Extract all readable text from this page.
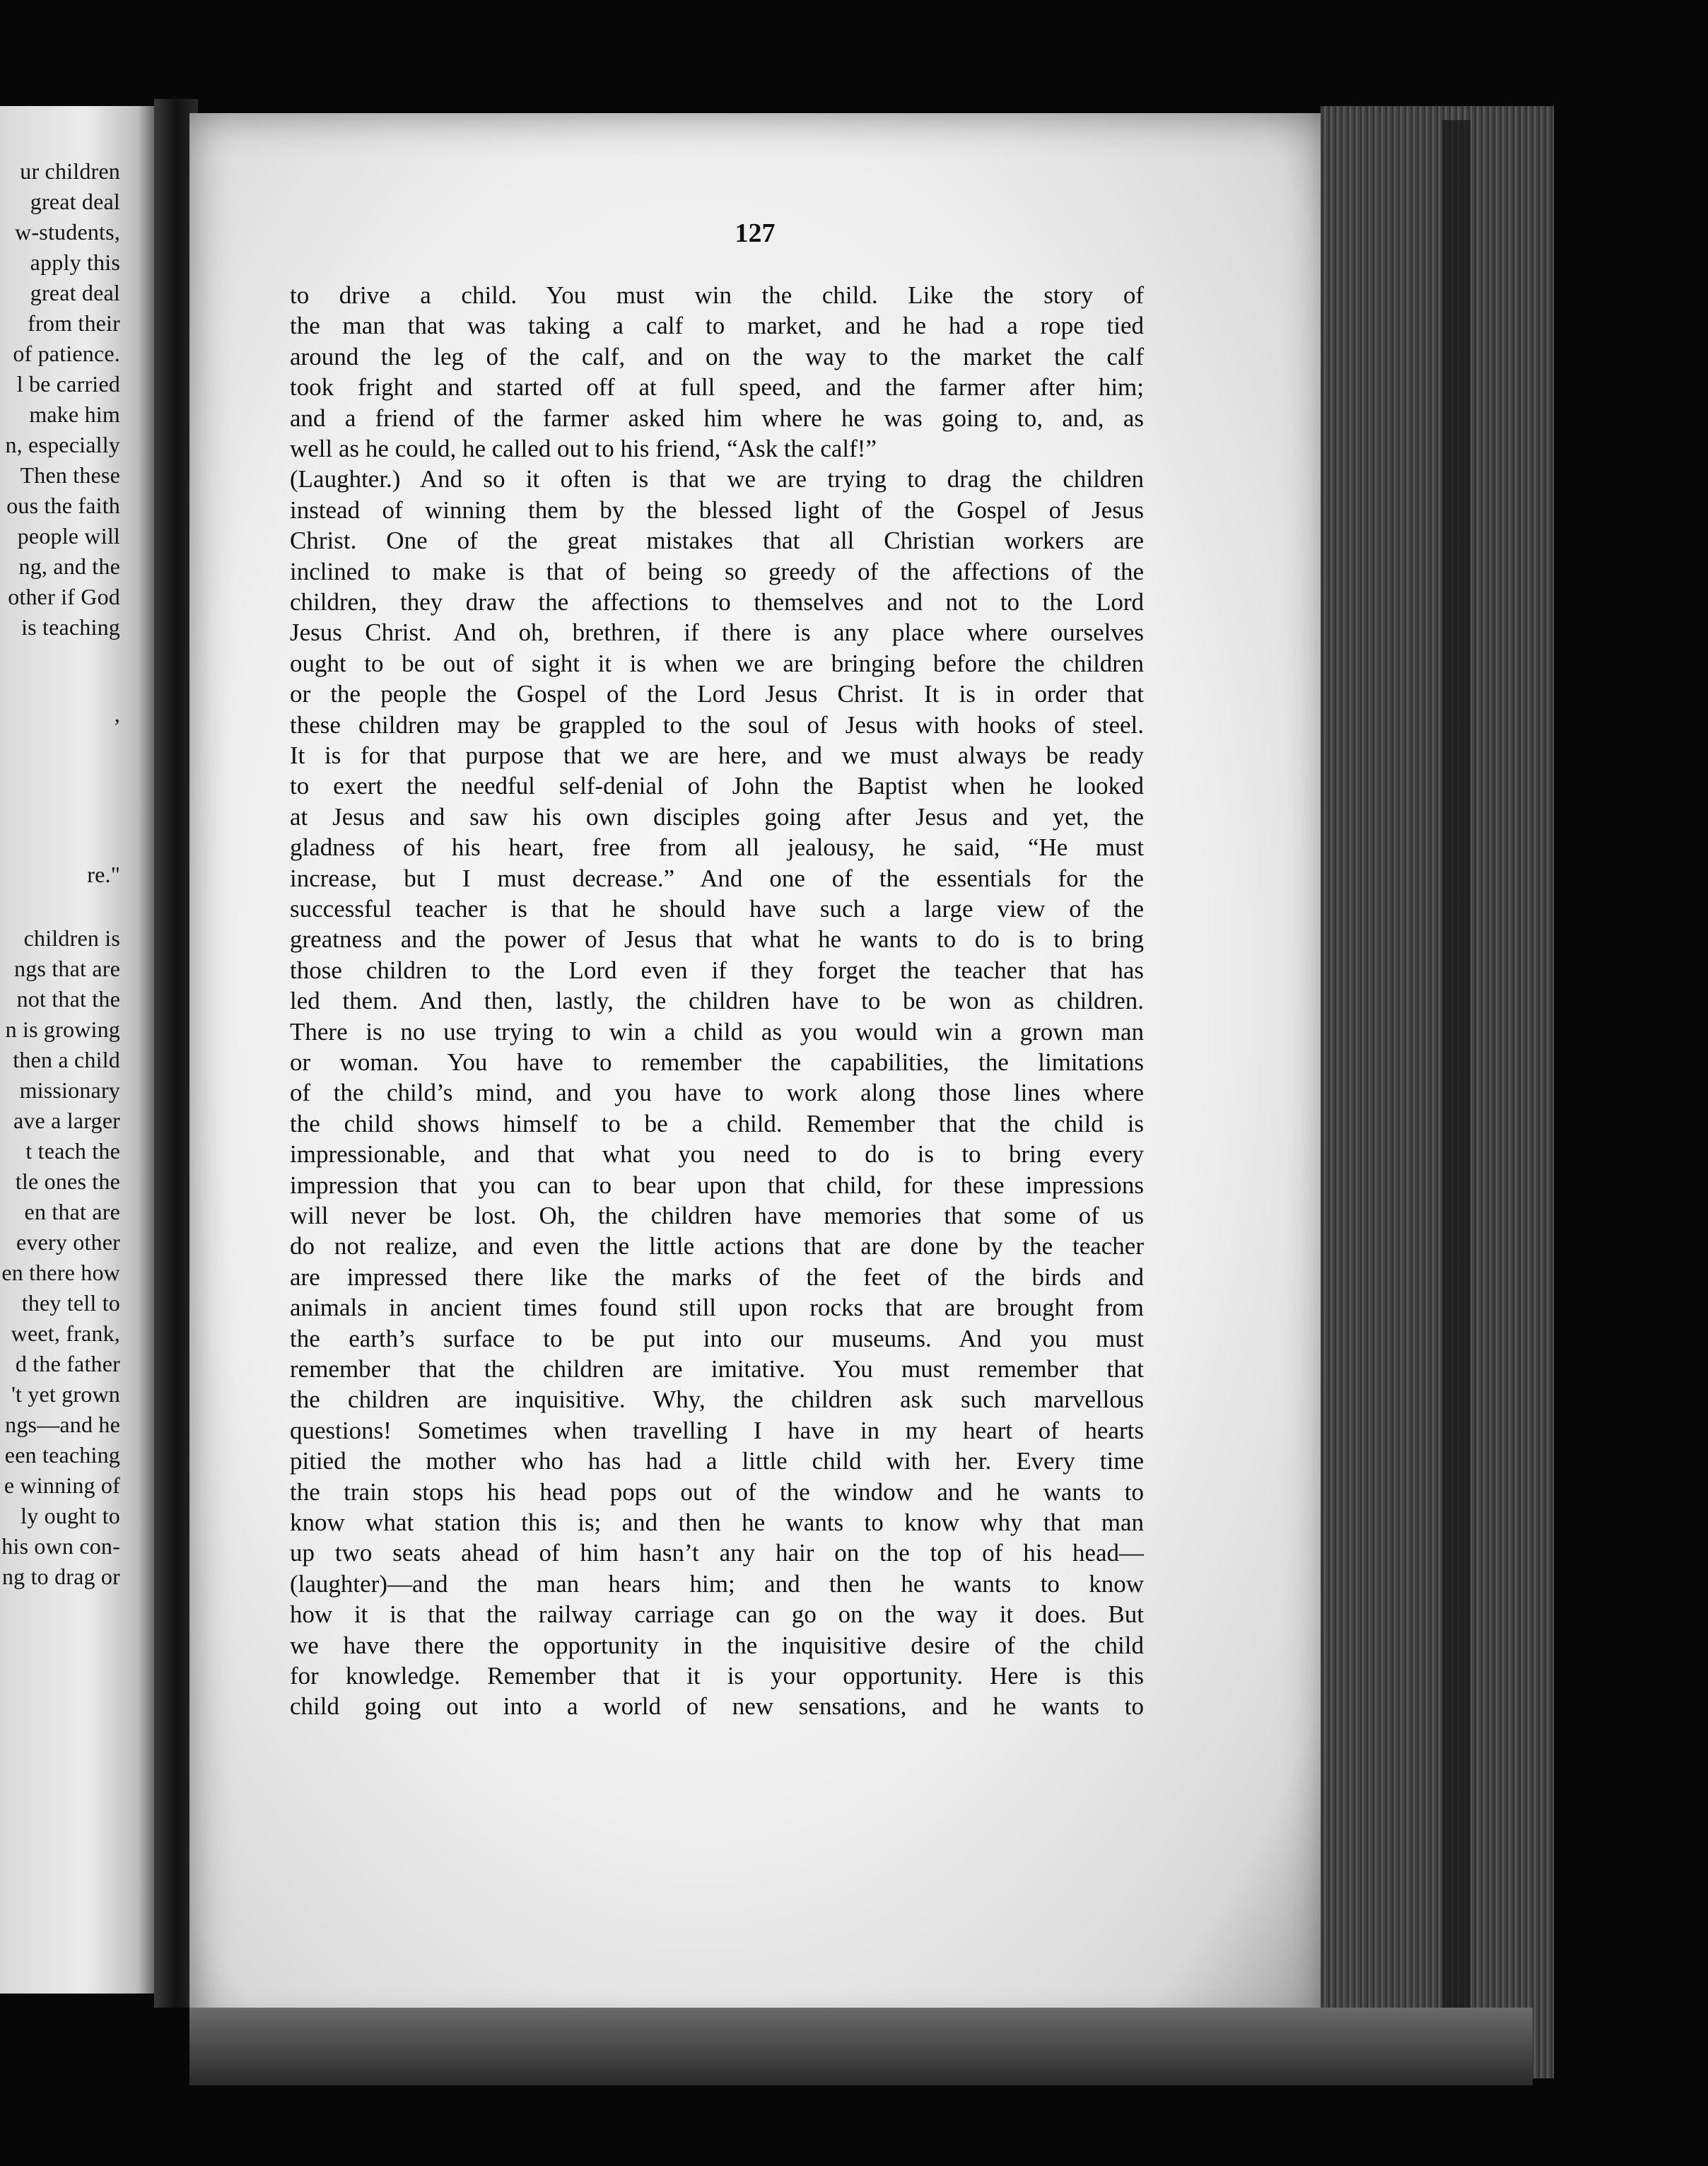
ur children
great deal
w-students,
apply this
great deal
from their
of patience.
l be carried
make him
n, especially
Then these
ous the faith
people will
ng, and the
other if God
is teaching
,
re."
children is
ngs that are
not that the
n is growing
then a child
missionary
ave a larger
t teach the
tle ones the
en that are
every other
en there how
they tell to
weet, frank,
d the father
't yet grown
ngs—and he
een teaching
e winning of
ly ought to
his own con-
ng to drag or
127
to drive a child. You must win the child. Like the story of
the man that was taking a calf to market, and he had a rope tied
around the leg of the calf, and on the way to the market the calf
took fright and started off at full speed, and the farmer after him;
and a friend of the farmer asked him where he was going to, and, as
well as he could, he called out to his friend, “Ask the calf!”
(Laughter.) And so it often is that we are trying to drag the children
instead of winning them by the blessed light of the Gospel of Jesus
Christ. One of the great mistakes that all Christian workers are
inclined to make is that of being so greedy of the affections of the
children, they draw the affections to themselves and not to the Lord
Jesus Christ. And oh, brethren, if there is any place where ourselves
ought to be out of sight it is when we are bringing before the children
or the people the Gospel of the Lord Jesus Christ. It is in order that
these children may be grappled to the soul of Jesus with hooks of steel.
It is for that purpose that we are here, and we must always be ready
to exert the needful self-denial of John the Baptist when he looked
at Jesus and saw his own disciples going after Jesus and yet, the
gladness of his heart, free from all jealousy, he said, “He must
increase, but I must decrease.” And one of the essentials for the
successful teacher is that he should have such a large view of the
greatness and the power of Jesus that what he wants to do is to bring
those children to the Lord even if they forget the teacher that has
led them. And then, lastly, the children have to be won as children.
There is no use trying to win a child as you would win a grown man
or woman. You have to remember the capabilities, the limitations
of the child’s mind, and you have to work along those lines where
the child shows himself to be a child. Remember that the child is
impressionable, and that what you need to do is to bring every
impression that you can to bear upon that child, for these impressions
will never be lost. Oh, the children have memories that some of us
do not realize, and even the little actions that are done by the teacher
are impressed there like the marks of the feet of the birds and
animals in ancient times found still upon rocks that are brought from
the earth’s surface to be put into our museums. And you must
remember that the children are imitative. You must remember that
the children are inquisitive. Why, the children ask such marvellous
questions! Sometimes when travelling I have in my heart of hearts
pitied the mother who has had a little child with her. Every time
the train stops his head pops out of the window and he wants to
know what station this is; and then he wants to know why that man
up two seats ahead of him hasn’t any hair on the top of his head—
(laughter)—and the man hears him; and then he wants to know
how it is that the railway carriage can go on the way it does. But
we have there the opportunity in the inquisitive desire of the child
for knowledge. Remember that it is your opportunity. Here is this
child going out into a world of new sensations, and he wants to
